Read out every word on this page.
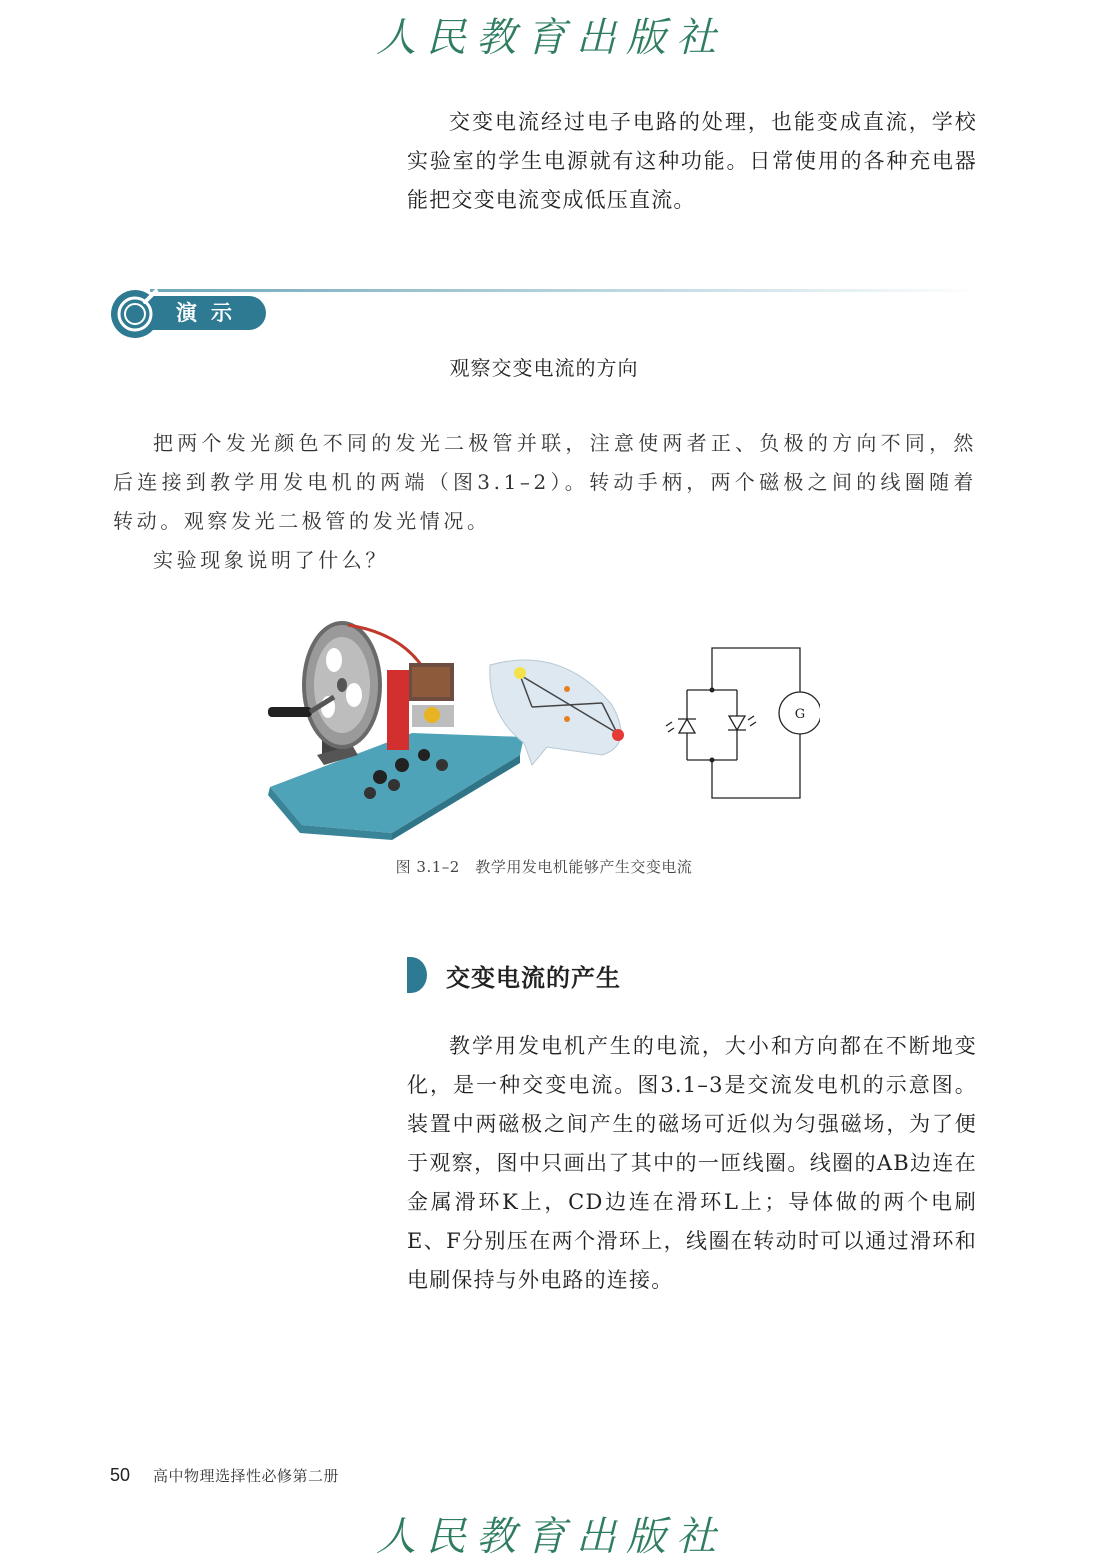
人民教育出版社

交变电流经过电子电路的处理，也能变成直流，学校实验室的学生电源就有这种功能。日常使用的各种充电器能把交变电流变成低压直流。

演示
观察交变电流的方向

把两个发光颜色不同的发光二极管并联，注意使两者正、负极的方向不同，然后连接到教学用发电机的两端（图3.1–2）。转动手柄，两个磁极之间的线圈随着转动。观察发光二极管的发光情况。

实验现象说明了什么？

G
图 3.1–2　教学用发电机能够产生交变电流
交变电流的产生

教学用发电机产生的电流，大小和方向都在不断地变化，是一种交变电流。图3.1–3是交流发电机的示意图。装置中两磁极之间产生的磁场可近似为匀强磁场，为了便于观察，图中只画出了其中的一匝线圈。线圈的AB边连在金属滑环K上，CD边连在滑环L上；导体做的两个电刷E、F分别压在两个滑环上，线圈在转动时可以通过滑环和电刷保持与外电路的连接。

50 高中物理选择性必修第二册
人民教育出版社
